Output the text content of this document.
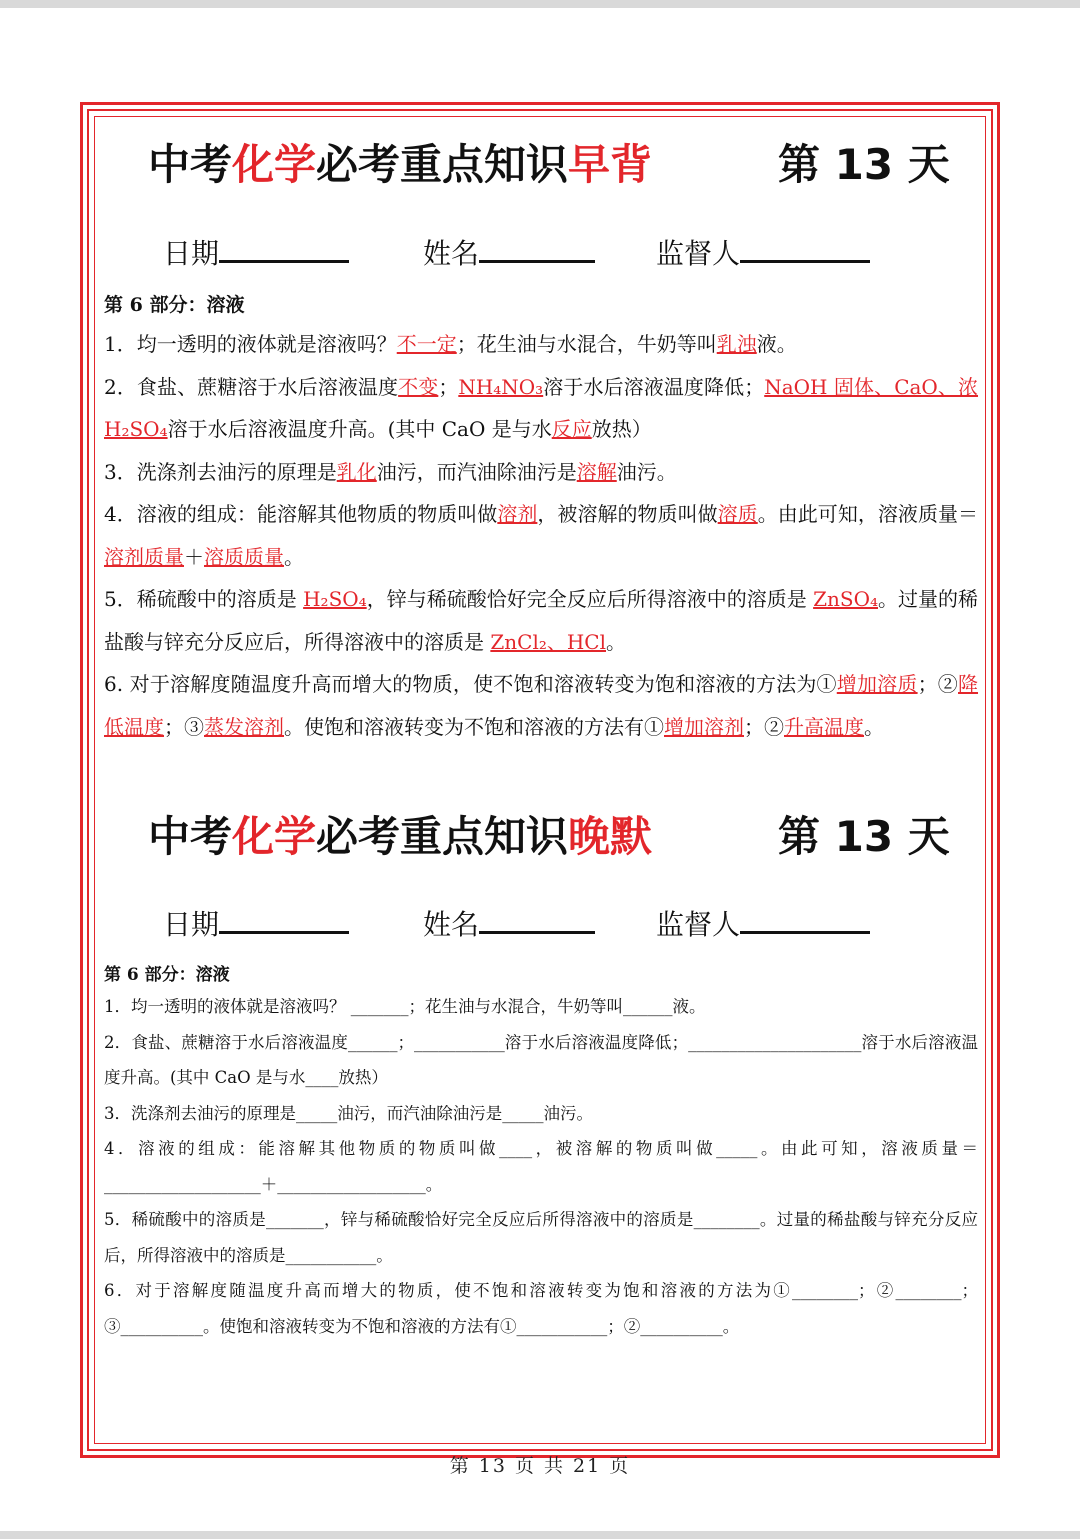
中考化学必考重点知识早背	第 13 天
日期	姓名	监督人
第 6 部分：溶液

1．均一透明的液体就是溶液吗？不一定；花生油与水混合，牛奶等叫乳浊液。

2．食盐、蔗糖溶于水后溶液温度不变；NH₄NO₃溶于水后溶液温度降低；NaOH 固体、CaO、浓 H₂SO₄溶于水后溶液温度升高。(其中 CaO 是与水反应放热）

3．洗涤剂去油污的原理是乳化油污，而汽油除油污是溶解油污。

4．溶液的组成：能溶解其他物质的物质叫做溶剂，被溶解的物质叫做溶质。由此可知，溶液质量＝溶剂质量＋溶质质量。

5．稀硫酸中的溶质是 H₂SO₄，锌与稀硫酸恰好完全反应后所得溶液中的溶质是 ZnSO₄。过量的稀盐酸与锌充分反应后，所得溶液中的溶质是 ZnCl₂、HCl。

6. 对于溶解度随温度升高而增大的物质，使不饱和溶液转变为饱和溶液的方法为①增加溶质；②降低温度；③蒸发溶剂。使饱和溶液转变为不饱和溶液的方法有①增加溶剂；②升高温度。

中考化学必考重点知识晚默	第 13 天
日期	姓名	监督人
第 6 部分：溶液

1．均一透明的液体就是溶液吗？ _______；花生油与水混合，牛奶等叫______液。

2．食盐、蔗糖溶于水后溶液温度______；___________溶于水后溶液温度降低；_____________________溶于水后溶液温度升高。(其中 CaO 是与水____放热）

3．洗涤剂去油污的原理是_____油污，而汽油除油污是_____油污。

4．溶液的组成：能溶解其他物质的物质叫做____，被溶解的物质叫做_____。由此可知，溶液质量＝___________________＋__________________。

5．稀硫酸中的溶质是_______，锌与稀硫酸恰好完全反应后所得溶液中的溶质是________。过量的稀盐酸与锌充分反应后，所得溶液中的溶质是___________。

6．对于溶解度随温度升高而增大的物质，使不饱和溶液转变为饱和溶液的方法为①________；②________；③__________。使饱和溶液转变为不饱和溶液的方法有①___________；②__________。

第 13 页 共 21 页
